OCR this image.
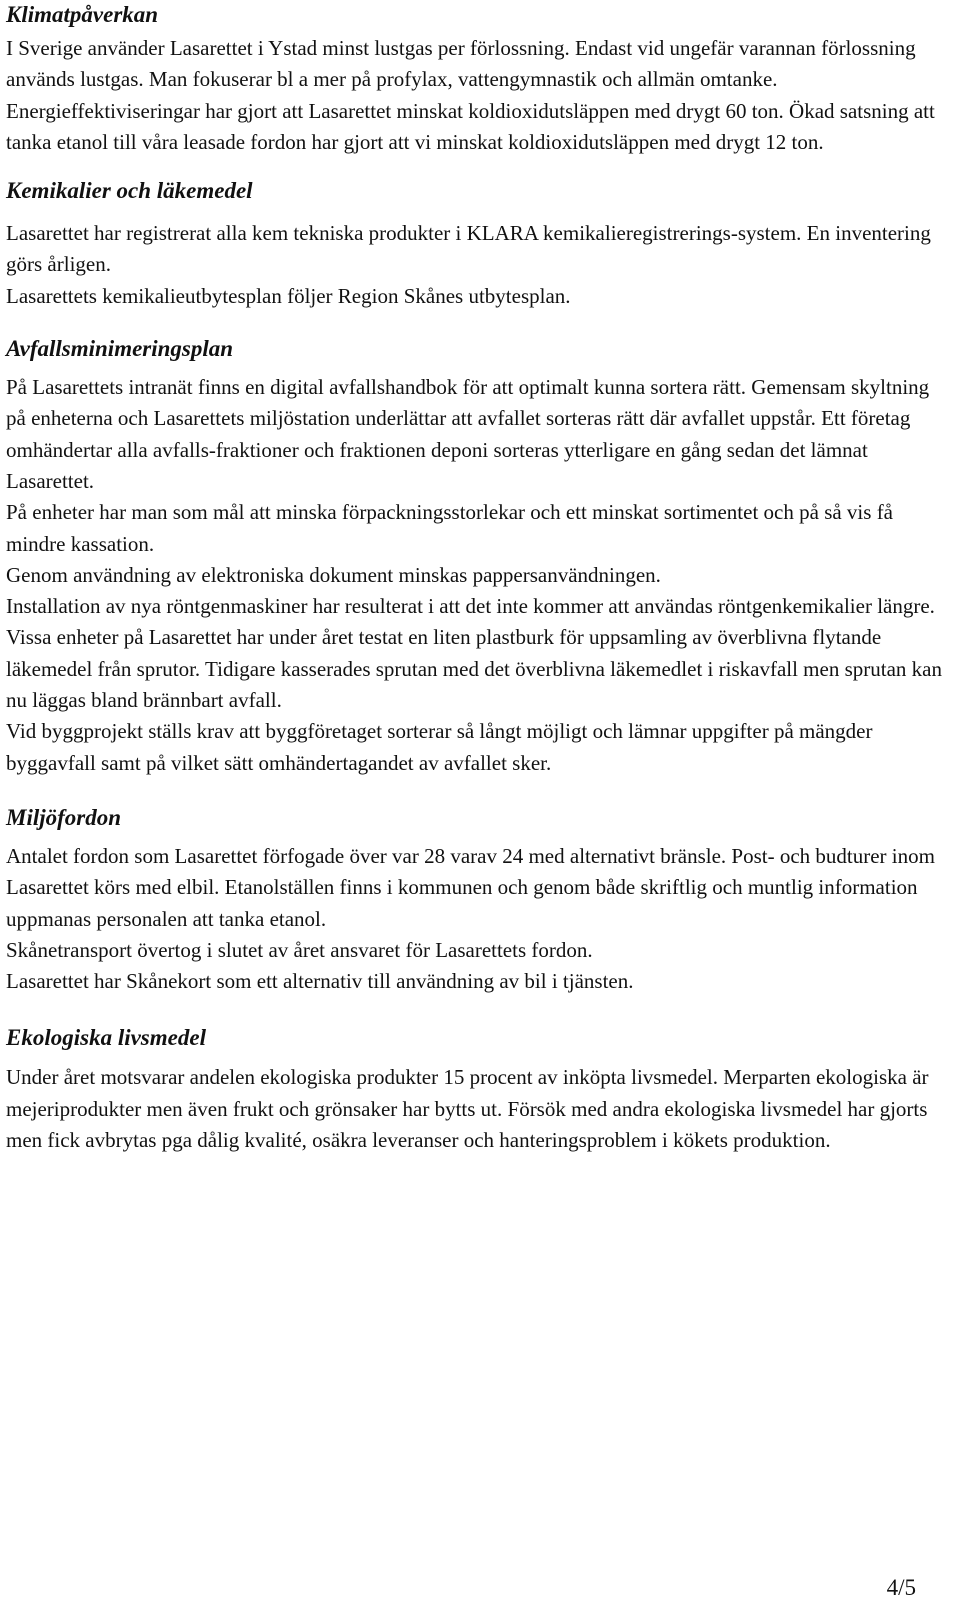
Klimatpåverkan

I Sverige använder Lasarettet i Ystad minst lustgas per förlossning. Endast vid ungefär varannan förlossning används lustgas. Man fokuserar bl a mer på profylax, vattengymnastik och allmän omtanke.

Energieffektiviseringar har gjort att Lasarettet minskat koldioxidutsläppen med drygt 60 ton. Ökad satsning att tanka etanol till våra leasade fordon har gjort att vi minskat koldioxidutsläppen med drygt 12 ton.

Kemikalier och läkemedel

Lasarettet har registrerat alla kem tekniska produkter i KLARA kemikalieregistrerings-system. En inventering görs årligen.

Lasarettets kemikalieutbytesplan följer Region Skånes utbytesplan.

Avfallsminimeringsplan

På Lasarettets intranät finns en digital avfallshandbok för att optimalt kunna sortera rätt. Gemensam skyltning på enheterna och Lasarettets miljöstation underlättar att avfallet sorteras rätt där avfallet uppstår. Ett företag omhändertar alla avfalls-fraktioner och fraktionen deponi sorteras ytterligare en gång sedan det lämnat Lasarettet.

På enheter har man som mål att minska förpackningsstorlekar och ett minskat sortimentet och på så vis få mindre kassation.

Genom användning av elektroniska dokument minskas pappersanvändningen.

Installation av nya röntgenmaskiner har resulterat i att det inte kommer att användas röntgenkemikalier längre.

Vissa enheter på Lasarettet har under året testat en liten plastburk för uppsamling av överblivna flytande läkemedel från sprutor. Tidigare kasserades sprutan med det överblivna läkemedlet i riskavfall men sprutan kan nu läggas bland brännbart avfall.

Vid byggprojekt ställs krav att byggföretaget sorterar så långt möjligt och lämnar uppgifter på mängder byggavfall samt på vilket sätt omhändertagandet av avfallet sker.

Miljöfordon

Antalet fordon som Lasarettet förfogade över var 28 varav 24 med alternativt bränsle. Post- och budturer inom Lasarettet körs med elbil. Etanolställen finns i kommunen och genom både skriftlig och muntlig information uppmanas personalen att tanka etanol.

Skånetransport övertog i slutet av året ansvaret för Lasarettets fordon.

Lasarettet har Skånekort som ett alternativ till användning av bil i tjänsten.

Ekologiska livsmedel

Under året motsvarar andelen ekologiska produkter 15 procent av inköpta livsmedel. Merparten ekologiska är mejeriprodukter men även frukt och grönsaker har bytts ut. Försök med andra ekologiska livsmedel har gjorts men fick avbrytas pga dålig kvalité, osäkra leveranser och hanteringsproblem i kökets produktion.

4/5
